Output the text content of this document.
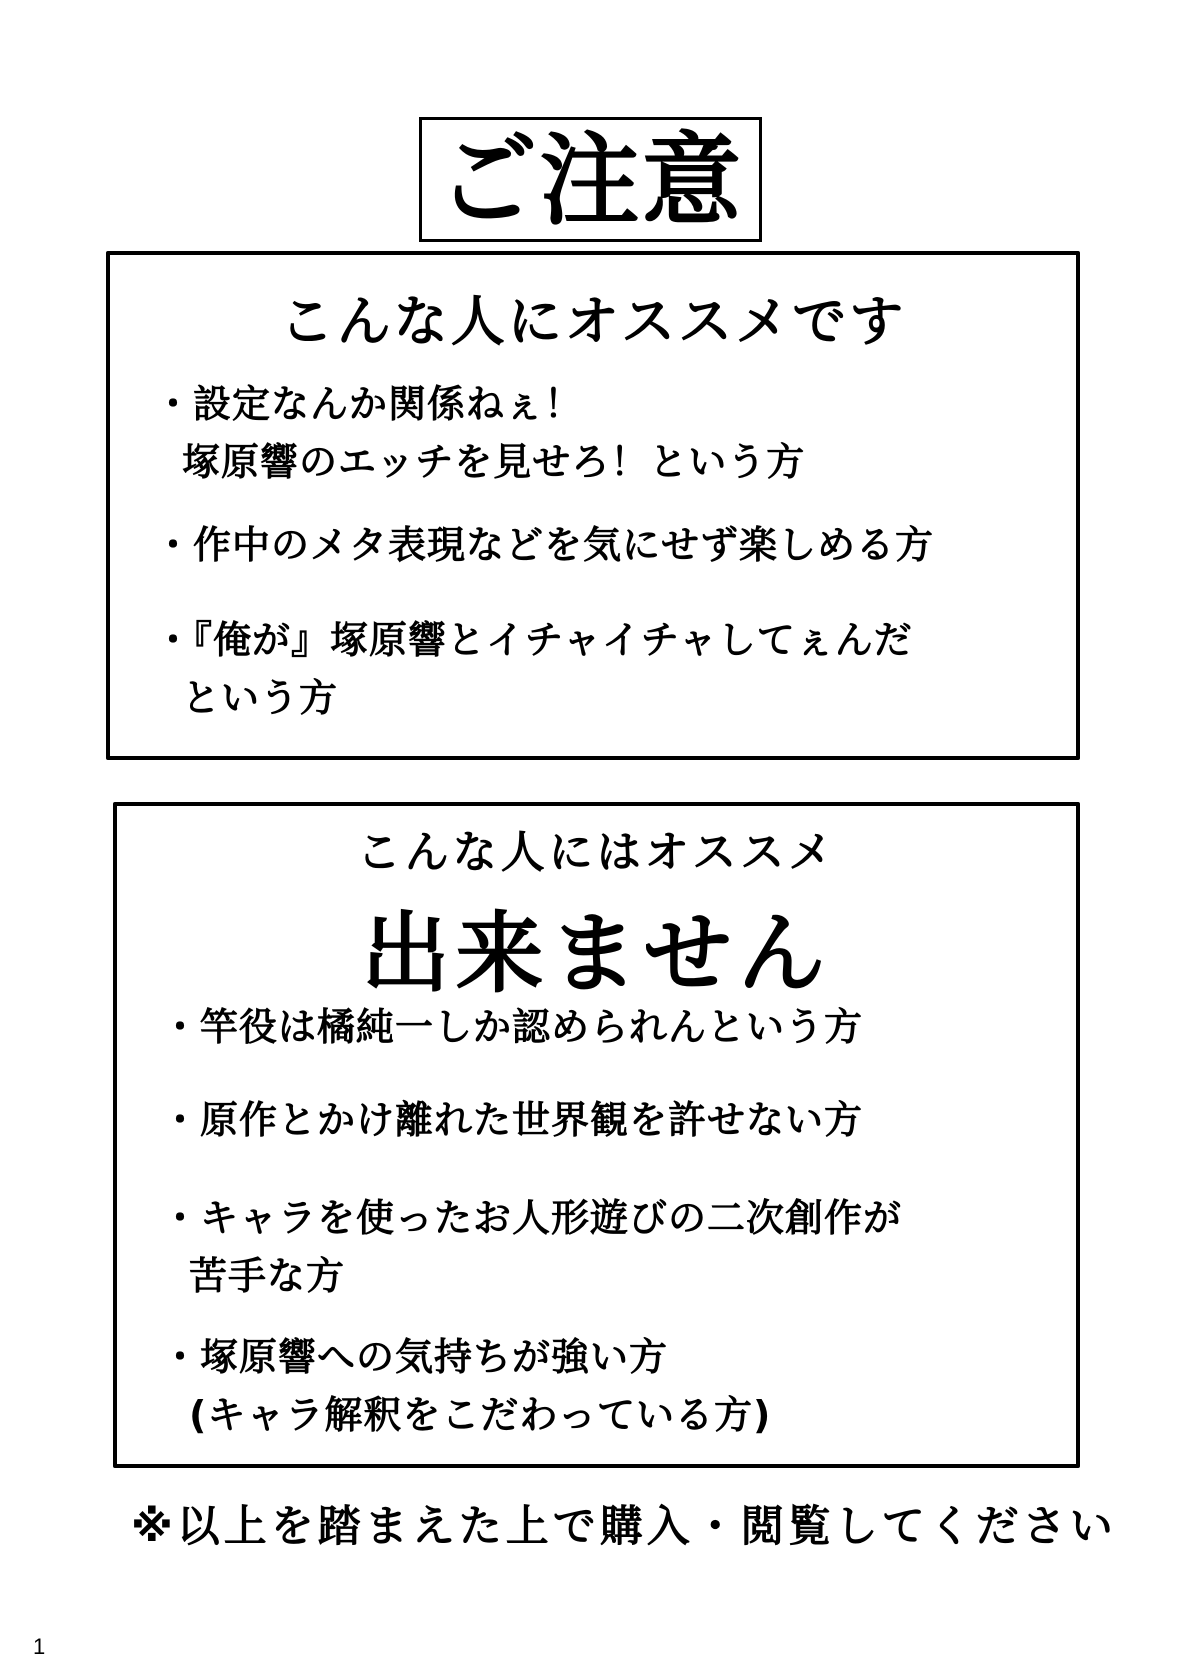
ご注意
こんな人にオススメです
・設定なんか関係ねぇ！
塚原響のエッチを見せろ！という方
・作中のメタ表現などを気にせず楽しめる方
・『俺が』塚原響とイチャイチャしてぇんだ
という方
こんな人にはオススメ
出来ません
・竿役は橘純一しか認められんという方
・原作とかけ離れた世界観を許せない方
・キャラを使ったお人形遊びの二次創作が
苦手な方
・塚原響への気持ちが強い方
(キャラ解釈をこだわっている方)
※以上を踏まえた上で購入・閲覧してください
1
